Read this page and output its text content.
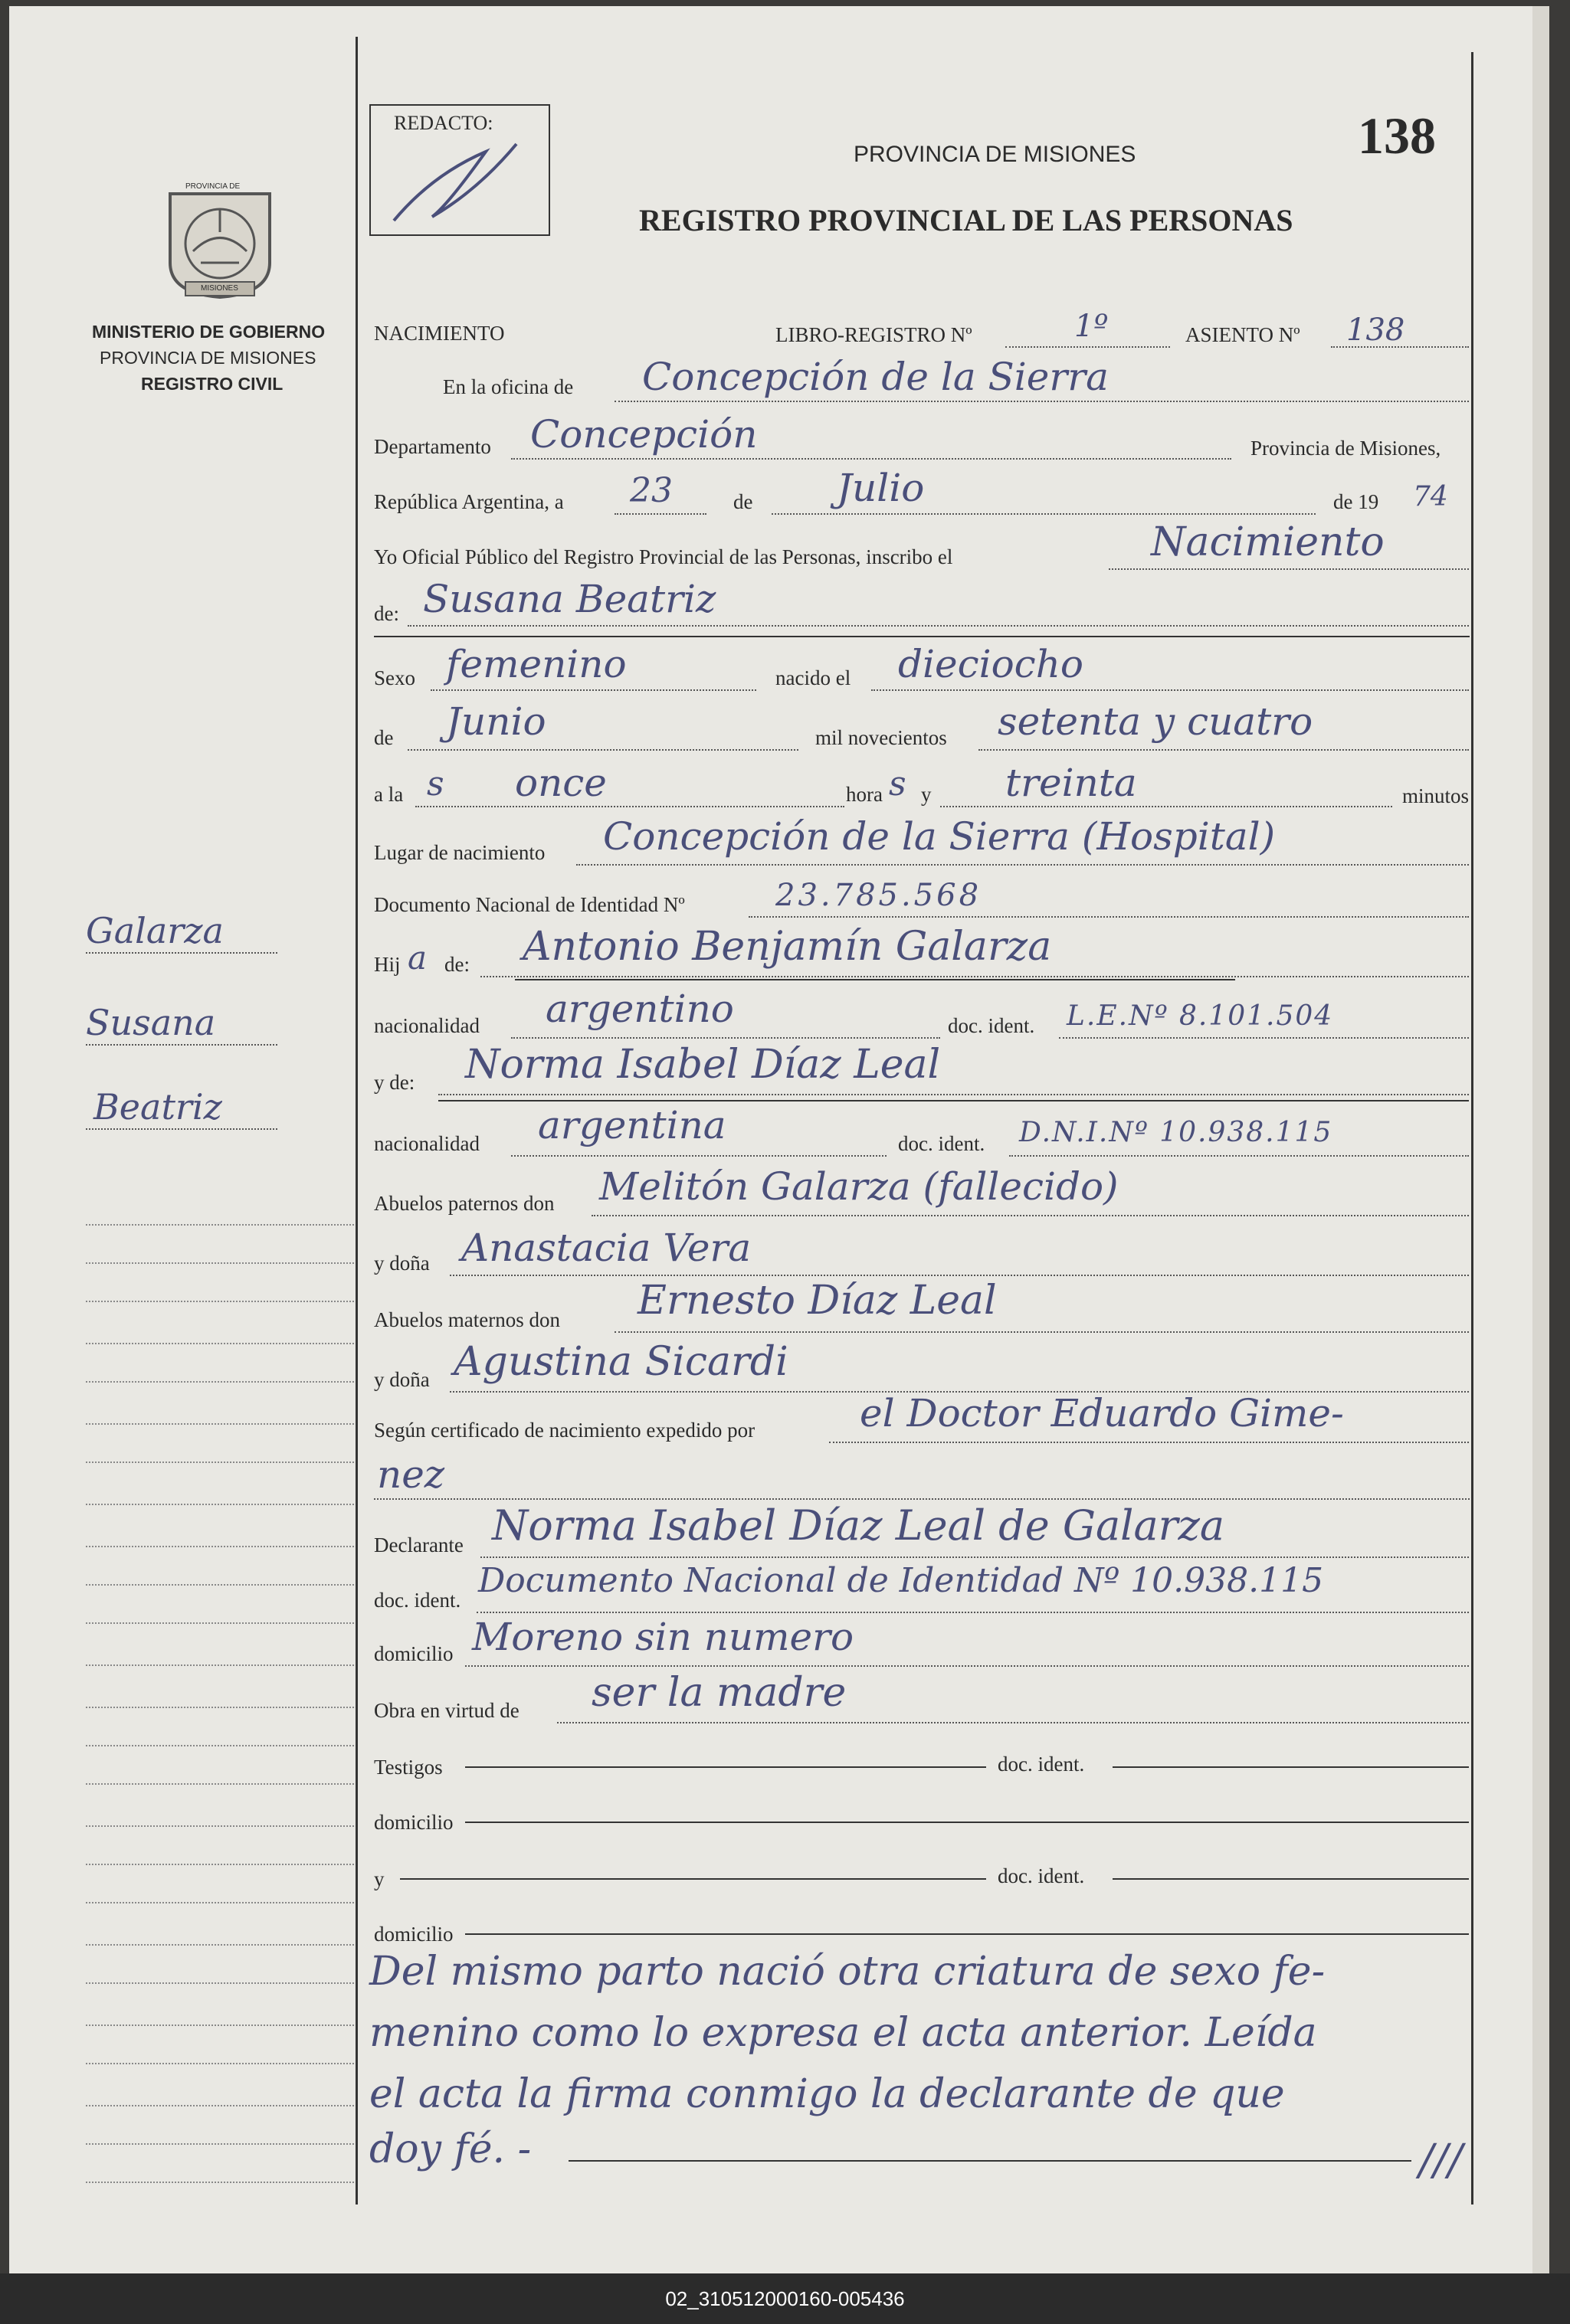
PROVINCIA DE
MISIONES
MINISTERIO DE GOBIERNO
PROVINCIA DE MISIONES
REGISTRO CIVIL
Galarza
Susana
Beatriz
REDACTO:
PROVINCIA DE MISIONES
REGISTRO PROVINCIAL DE LAS PERSONAS
138
NACIMIENTO	LIBRO-REGISTRO Nº	1º	ASIENTO Nº 138
En la oficina de Concepción de la Sierra
Departamento Concepción	Provincia de Misiones,
República Argentina, a 23	de Julio	de 19 74
Yo Oficial Público del Registro Provincial de las Personas, inscribo el	Nacimiento
de: Susana Beatriz
Sexo femenino	nacido el dieciocho
de Junio	mil novecientos setenta y cuatro
a la s once	hora s y treinta	minutos
Lugar de nacimiento Concepción de la Sierra (Hospital)
Documento Nacional de Identidad Nº	23.785.568
Hij a de: Antonio Benjamín Galarza
nacionalidad argentino	doc. ident. L.E.Nº 8.101.504
y de: Norma Isabel Díaz Leal
nacionalidad argentina	doc. ident. D.N.I.Nº 10.938.115
Abuelos paternos don Melitón Galarza (fallecido)
y doña Anastacia Vera
Abuelos maternos don Ernesto Díaz Leal
y doña Agustina Sicardi
Según certificado de nacimiento expedido por	el Doctor Eduardo Gime-
nez
Declarante Norma Isabel Díaz Leal de Galarza
doc. ident. Documento Nacional de Identidad Nº 10.938.115
domicilio Moreno sin numero
Obra en virtud de ser la madre
Testigos	doc. ident.
domicilio
y	doc. ident.
domicilio
Del mismo parto nació otra criatura de sexo fe-
menino como lo expresa el acta anterior. Leída
el acta la firma conmigo la declarante de que
doy fé. -	///
02_310512000160-005436
